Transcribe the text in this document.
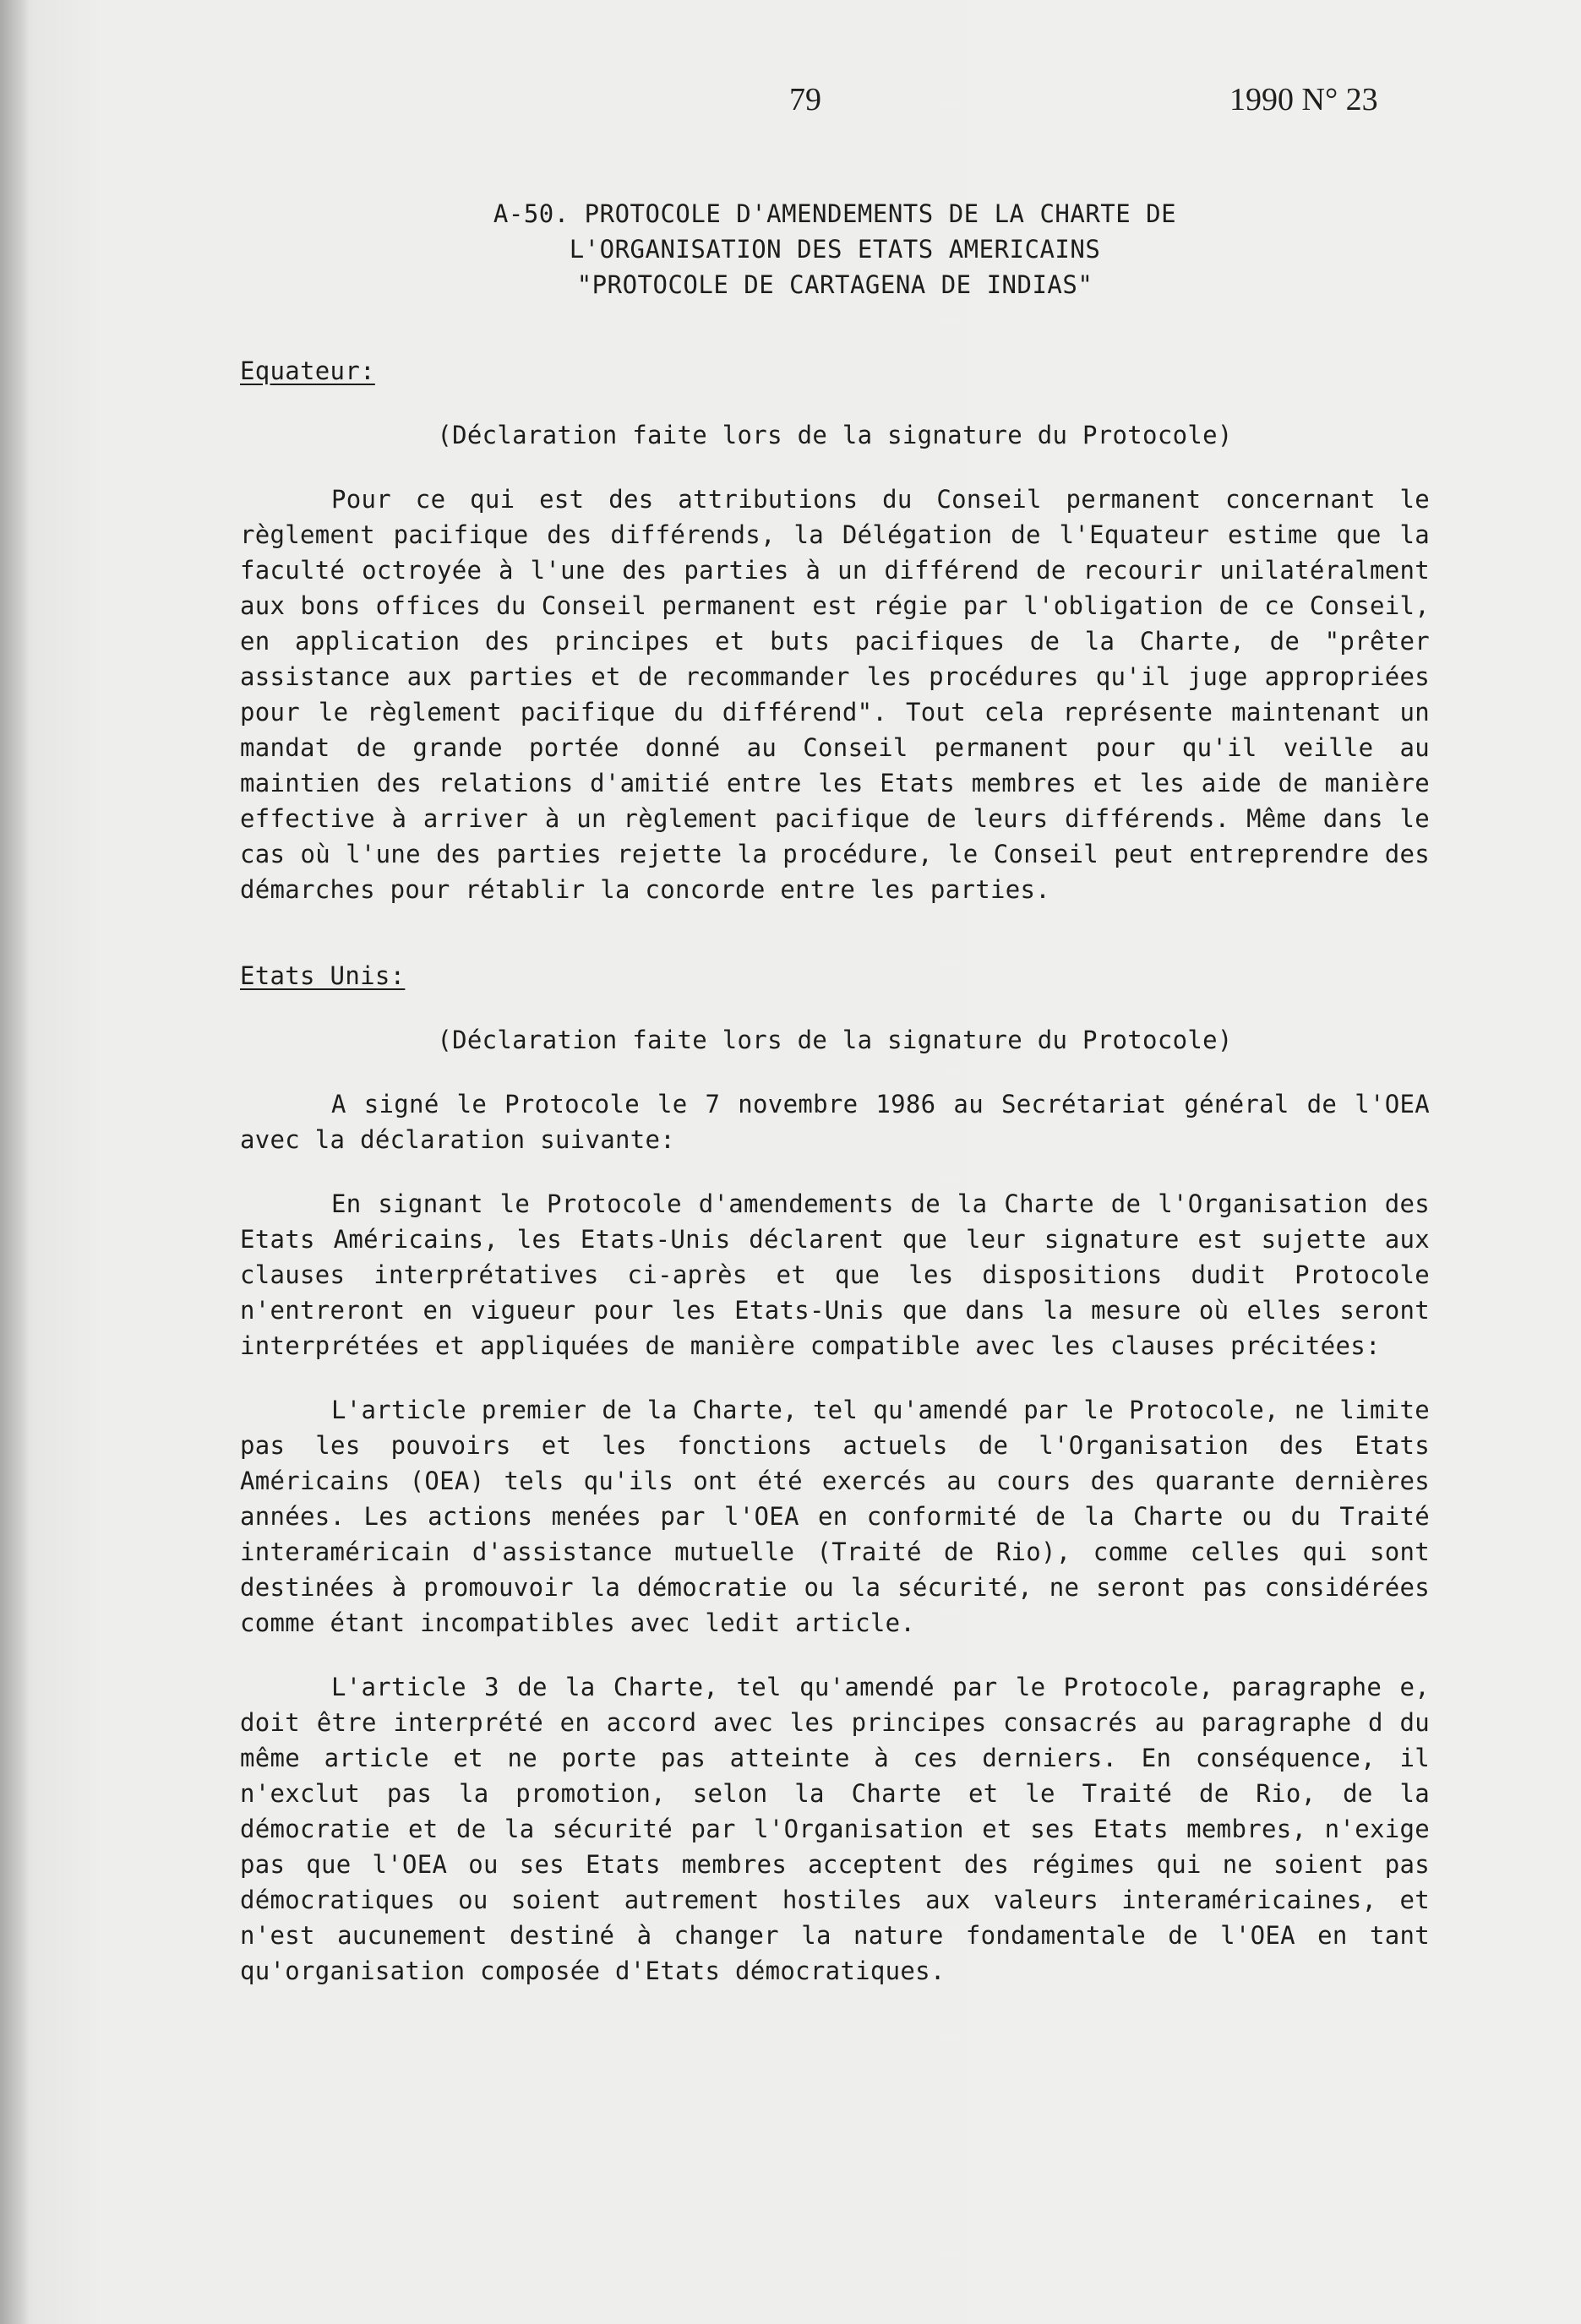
79	1990 N° 23

A-50. PROTOCOLE D'AMENDEMENTS DE LA CHARTE DE

L'ORGANISATION DES ETATS AMERICAINS

"PROTOCOLE DE CARTAGENA DE INDIAS"

Equateur:

(Déclaration faite lors de la signature du Protocole)

Pour ce qui est des attributions du Conseil permanent concernant le règlement pacifique des différends, la Délégation de l'Equateur estime que la faculté octroyée à l'une des parties à un différend de recourir unilatéralment aux bons offices du Conseil permanent est régie par l'obligation de ce Conseil, en application des principes et buts pacifiques de la Charte, de "prêter assistance aux parties et de recommander les procédures qu'il juge appropriées pour le règlement pacifique du différend". Tout cela représente maintenant un mandat de grande portée donné au Conseil permanent pour qu'il veille au maintien des relations d'amitié entre les Etats membres et les aide de manière effective à arriver à un règlement pacifique de leurs différends. Même dans le cas où l'une des parties rejette la procédure, le Conseil peut entreprendre des démarches pour rétablir la concorde entre les parties.

Etats Unis:

(Déclaration faite lors de la signature du Protocole)

A signé le Protocole le 7 novembre 1986 au Secrétariat général de l'OEA avec la déclaration suivante:

En signant le Protocole d'amendements de la Charte de l'Organisation des Etats Américains, les Etats-Unis déclarent que leur signature est sujette aux clauses interprétatives ci-après et que les dispositions dudit Protocole n'entreront en vigueur pour les Etats-Unis que dans la mesure où elles seront interprétées et appliquées de manière compatible avec les clauses précitées:

L'article premier de la Charte, tel qu'amendé par le Protocole, ne limite pas les pouvoirs et les fonctions actuels de l'Organisation des Etats Américains (OEA) tels qu'ils ont été exercés au cours des quarante dernières années. Les actions menées par l'OEA en conformité de la Charte ou du Traité interaméricain d'assistance mutuelle (Traité de Rio), comme celles qui sont destinées à promouvoir la démocratie ou la sécurité, ne seront pas considérées comme étant incompatibles avec ledit article.

L'article 3 de la Charte, tel qu'amendé par le Protocole, paragraphe e, doit être interprété en accord avec les principes consacrés au paragraphe d du même article et ne porte pas atteinte à ces derniers. En conséquence, il n'exclut pas la promotion, selon la Charte et le Traité de Rio, de la démocratie et de la sécurité par l'Organisation et ses Etats membres, n'exige pas que l'OEA ou ses Etats membres acceptent des régimes qui ne soient pas démocratiques ou soient autrement hostiles aux valeurs interaméricaines, et n'est aucunement destiné à changer la nature fondamentale de l'OEA en tant qu'organisation composée d'Etats démocratiques.
